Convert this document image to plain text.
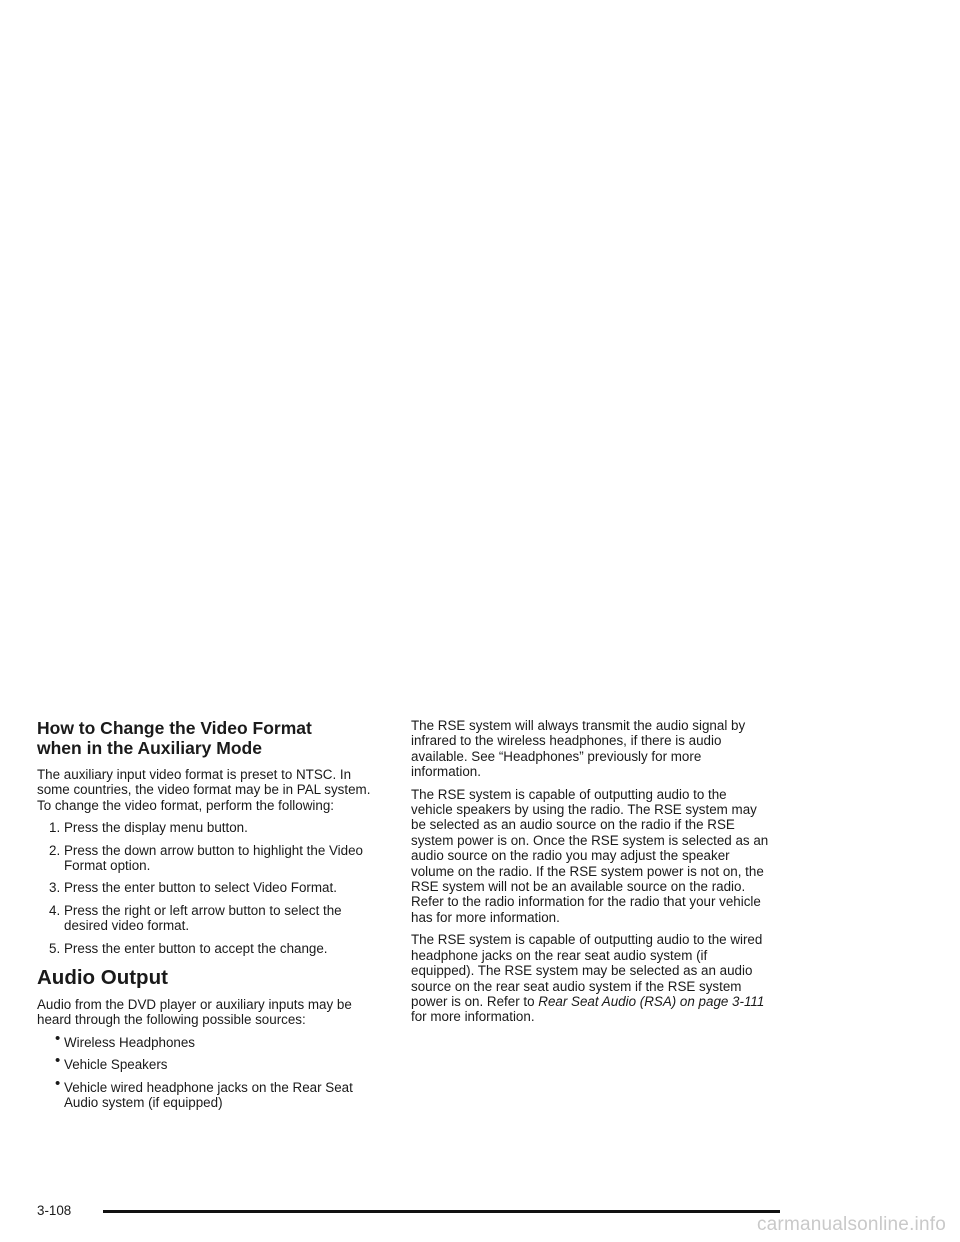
How to Change the Video Format when in the Auxiliary Mode

The auxiliary input video format is preset to NTSC. In some countries, the video format may be in PAL system. To change the video format, perform the following:

1. Press the display menu button.
2. Press the down arrow button to highlight the Video Format option.
3. Press the enter button to select Video Format.
4. Press the right or left arrow button to select the desired video format.
5. Press the enter button to accept the change.
Audio Output

Audio from the DVD player or auxiliary inputs may be heard through the following possible sources:

• Wireless Headphones
• Vehicle Speakers
• Vehicle wired headphone jacks on the Rear Seat Audio system (if equipped)

The RSE system will always transmit the audio signal by infrared to the wireless headphones, if there is audio available. See “Headphones” previously for more information.

The RSE system is capable of outputting audio to the vehicle speakers by using the radio. The RSE system may be selected as an audio source on the radio if the RSE system power is on. Once the RSE system is selected as an audio source on the radio you may adjust the speaker volume on the radio. If the RSE system power is not on, the RSE system will not be an available source on the radio. Refer to the radio information for the radio that your vehicle has for more information.

The RSE system is capable of outputting audio to the wired headphone jacks on the rear seat audio system (if equipped). The RSE system may be selected as an audio source on the rear seat audio system if the RSE system power is on. Refer to Rear Seat Audio (RSA) on page 3-111 for more information.

3-108
carmanualsonline.info
